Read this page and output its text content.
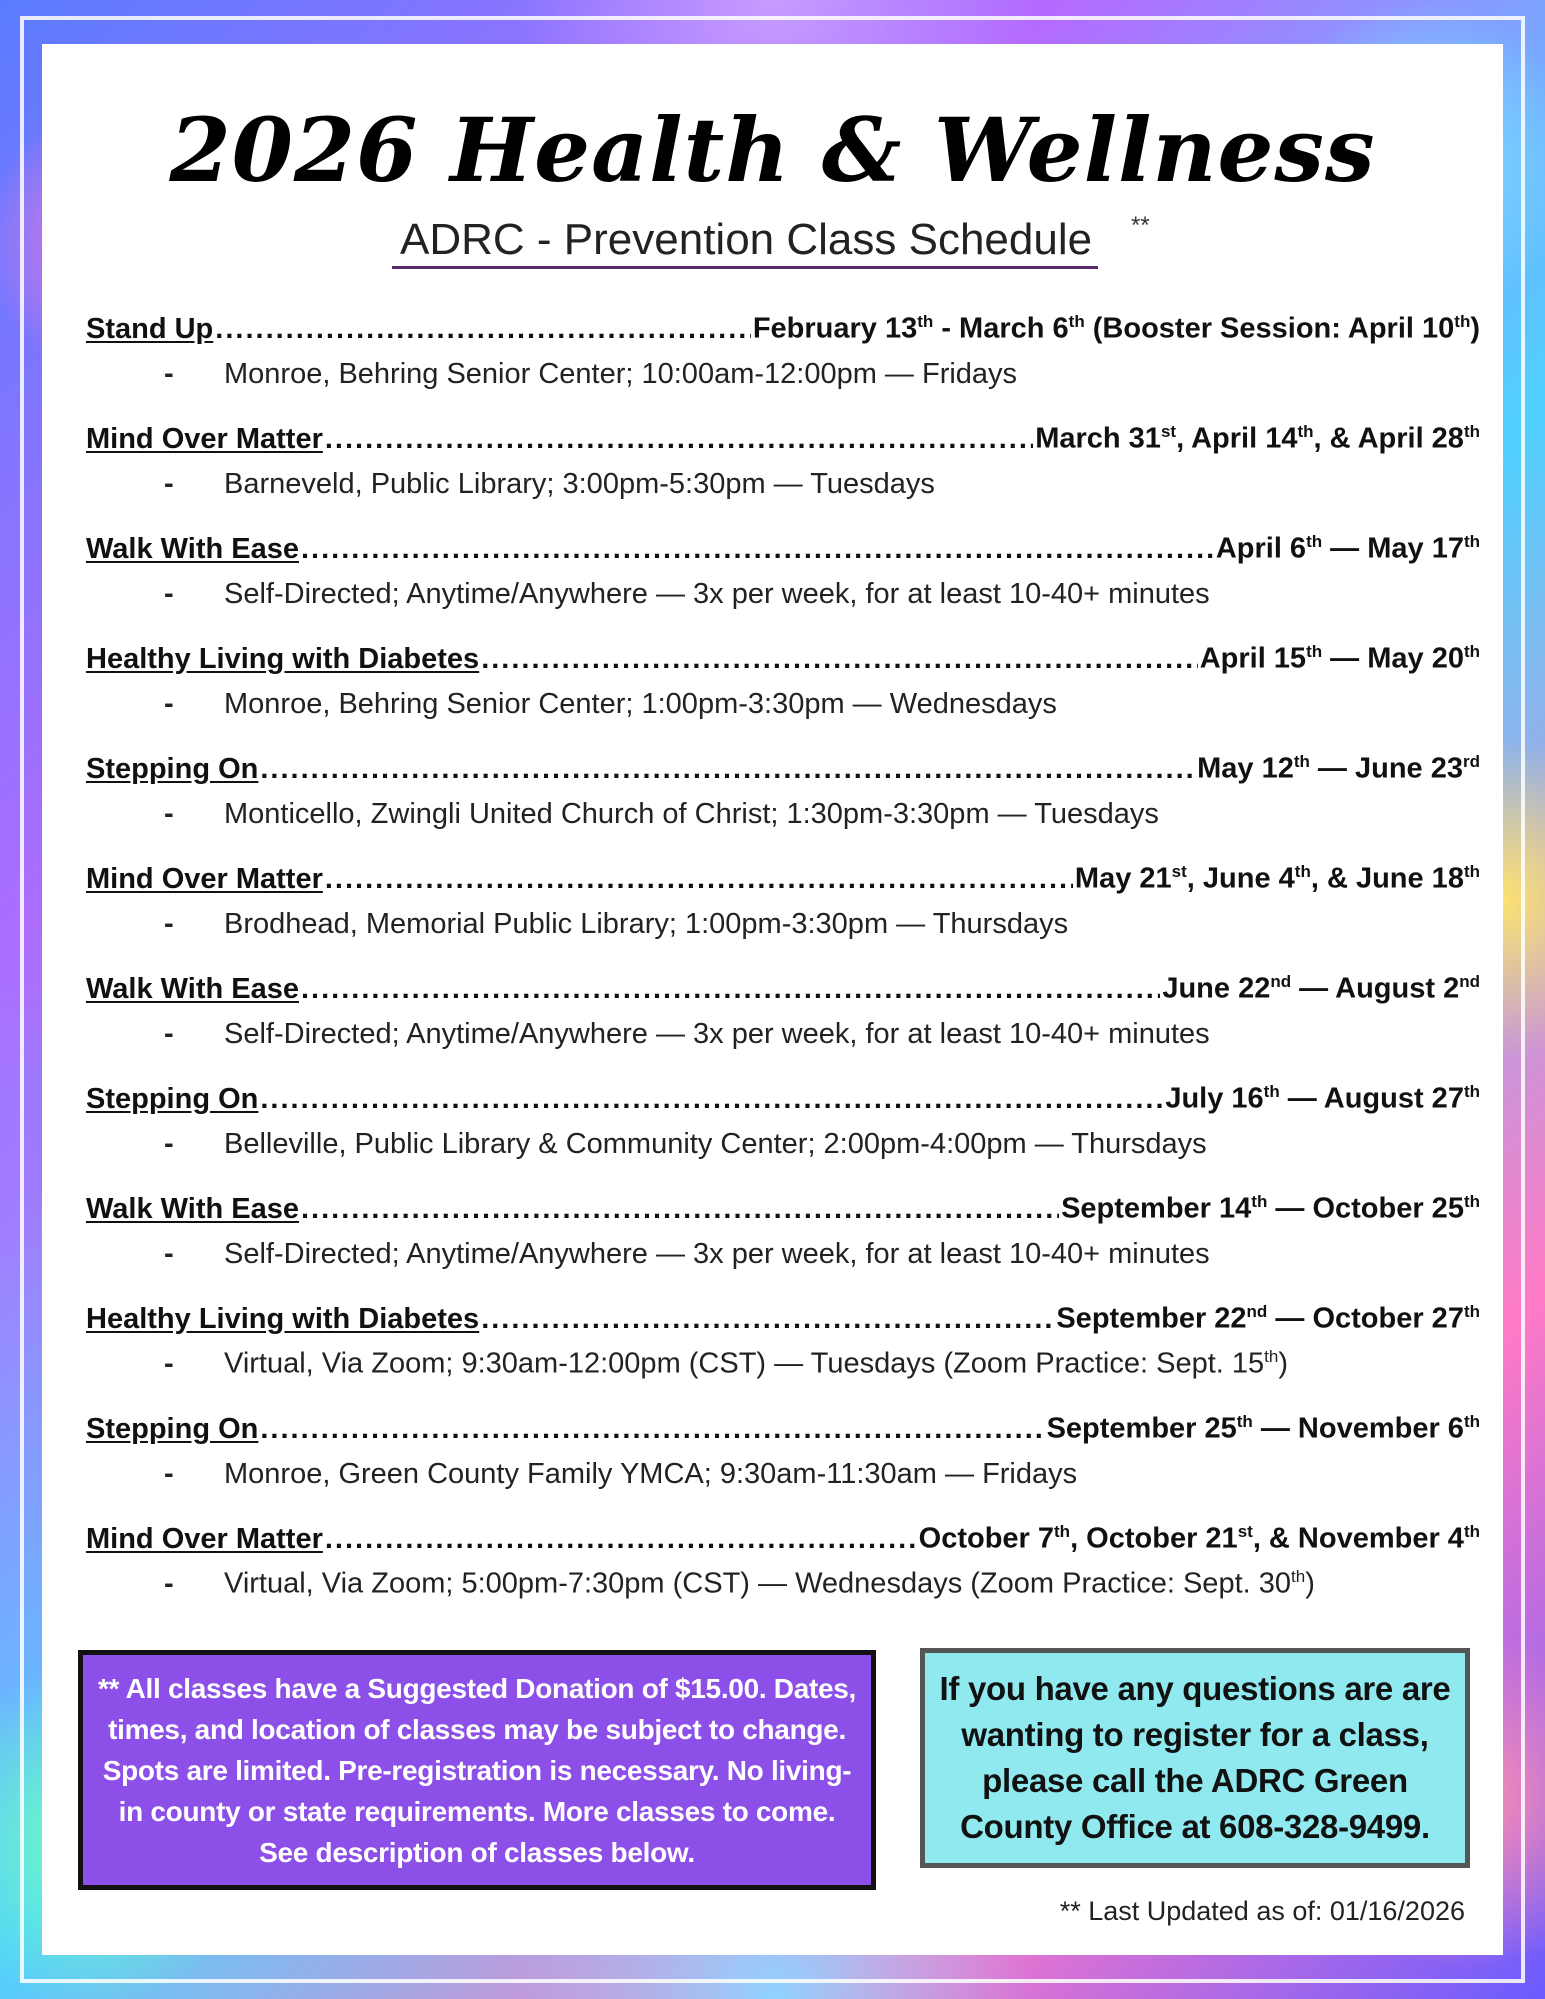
2026 Health & Wellness
ADRC - Prevention Class Schedule **
Stand Up .....	February 13th - March 6th (Booster Session: April 10th)
-	Monroe, Behring Senior Center; 10:00am-12:00pm — Fridays
Mind Over Matter .....	March 31st, April 14th, & April 28th
-	Barneveld, Public Library; 3:00pm-5:30pm — Tuesdays
Walk With Ease .....	April 6th — May 17th
-	Self-Directed; Anytime/Anywhere — 3x per week, for at least 10-40+ minutes
Healthy Living with Diabetes .....	April 15th — May 20th
-	Monroe, Behring Senior Center; 1:00pm-3:30pm — Wednesdays
Stepping On .....	May 12th — June 23rd
-	Monticello, Zwingli United Church of Christ; 1:30pm-3:30pm — Tuesdays
Mind Over Matter .....	May 21st, June 4th, & June 18th
-	Brodhead, Memorial Public Library; 1:00pm-3:30pm — Thursdays
Walk With Ease .....	June 22nd — August 2nd
-	Self-Directed; Anytime/Anywhere — 3x per week, for at least 10-40+ minutes
Stepping On .....	July 16th — August 27th
-	Belleville, Public Library & Community Center; 2:00pm-4:00pm — Thursdays
Walk With Ease .....	September 14th — October 25th
-	Self-Directed; Anytime/Anywhere — 3x per week, for at least 10-40+ minutes
Healthy Living with Diabetes .....	September 22nd — October 27th
-	Virtual, Via Zoom; 9:30am-12:00pm (CST) — Tuesdays (Zoom Practice: Sept. 15th)
Stepping On .....	September 25th — November 6th
-	Monroe, Green County Family YMCA; 9:30am-11:30am — Fridays
Mind Over Matter .....	October 7th, October 21st, & November 4th
-	Virtual, Via Zoom; 5:00pm-7:30pm (CST) — Wednesdays (Zoom Practice: Sept. 30th)
** All classes have a Suggested Donation of $15.00. Dates, times, and location of classes may be subject to change. Spots are limited. Pre-registration is necessary. No living-in county or state requirements. More classes to come. See description of classes below.
If you have any questions are are wanting to register for a class, please call the ADRC Green County Office at 608-328-9499.
** Last Updated as of: 01/16/2026
